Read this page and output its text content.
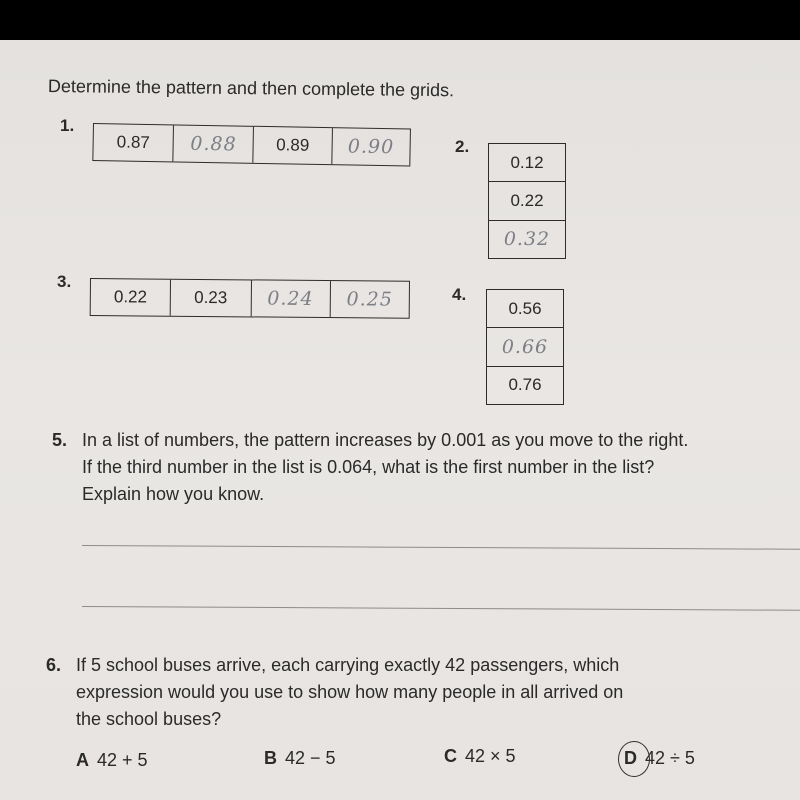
Determine the pattern and then complete the grids.
1.
0.87	0.88	0.89	0.90	2.
0.12
0.22
0.32
3.
0.22	0.23	0.24	0.25	4.
0.56
0.66
0.76
5. In a list of numbers, the pattern increases by 0.001 as you move to the right.
If the third number in the list is 0.064, what is the first number in the list?
Explain how you know.
6. If 5 school buses arrive, each carrying exactly 42 passengers, which
expression would you use to show how many people in all arrived on
the school buses?
A 42 + 5	B 42 − 5	C 42 × 5	D 42 ÷ 5
